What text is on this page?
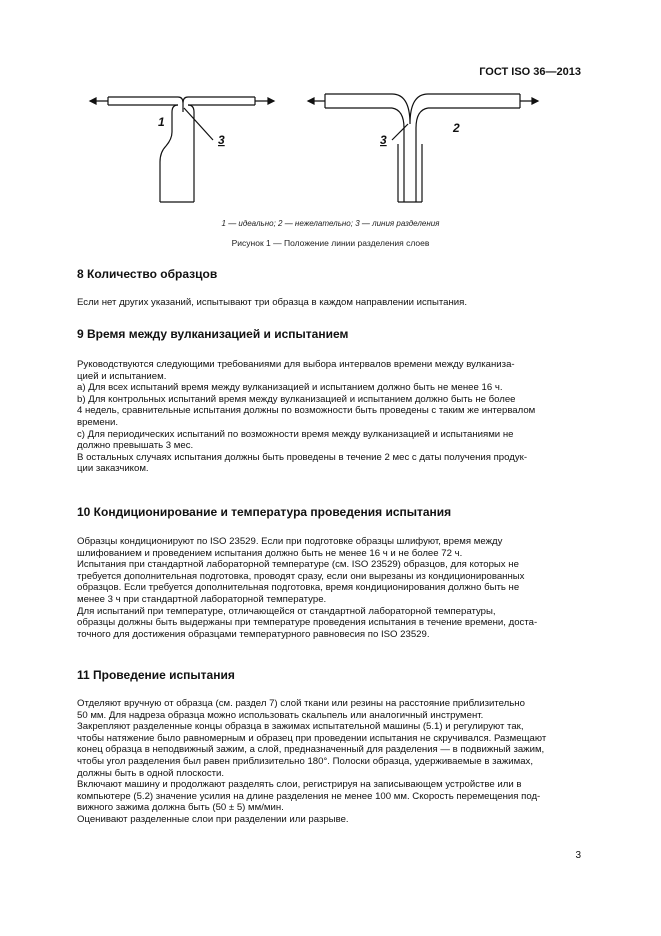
ГОСТ ISO 36—2013
1
3	3
2
1 — идеально; 2 — нежелательно; 3 — линия разделения
Рисунок 1 — Положение линии разделения слоев
8 Количество образцов
Если нет других указаний, испытывают три образца в каждом направлении испытания.
9 Время между вулканизацией и испытанием
Руководствуются следующими требованиями для выбора интервалов времени между вулканиза-
цией и испытанием.
а) Для всех испытаний время между вулканизацией и испытанием должно быть не менее 16 ч.
b) Для контрольных испытаний время между вулканизацией и испытанием должно быть не более
4 недель, сравнительные испытания должны по возможности быть проведены с таким же интервалом
времени.
с) Для периодических испытаний по возможности время между вулканизацией и испытаниями не
должно превышать 3 мес.
В остальных случаях испытания должны быть проведены в течение 2 мес с даты получения продук-
ции заказчиком.
10 Кондиционирование и температура проведения испытания
Образцы кондиционируют по ISO 23529. Если при подготовке образцы шлифуют, время между
шлифованием и проведением испытания должно быть не менее 16 ч и не более 72 ч.
Испытания при стандартной лабораторной температуре (см. ISO 23529) образцов, для которых не
требуется дополнительная подготовка, проводят сразу, если они вырезаны из кондиционированных
образцов. Если требуется дополнительная подготовка, время кондиционирования должно быть не
менее 3 ч при стандартной лабораторной температуре.
Для испытаний при температуре, отличающейся от стандартной лабораторной температуры,
образцы должны быть выдержаны при температуре проведения испытания в течение времени, доста-
точного для достижения образцами температурного равновесия по ISO 23529.
11 Проведение испытания
Отделяют вручную от образца (см. раздел 7) слой ткани или резины на расстояние приблизительно
50 мм. Для надреза образца можно использовать скальпель или аналогичный инструмент.
Закрепляют разделенные концы образца в зажимах испытательной машины (5.1) и регулируют так,
чтобы натяжение было равномерным и образец при проведении испытания не скручивался. Размещают
конец образца в неподвижный зажим, а слой, предназначенный для разделения — в подвижный зажим,
чтобы угол разделения был равен приблизительно 180°. Полоски образца, удерживаемые в зажимах,
должны быть в одной плоскости.
Включают машину и продолжают разделять слои, регистрируя на записывающем устройстве или в
компьютере (5.2) значение усилия на длине разделения не менее 100 мм. Скорость перемещения под-
вижного зажима должна быть (50 ± 5) мм/мин.
Оценивают разделенные слои при разделении или разрыве.
3
